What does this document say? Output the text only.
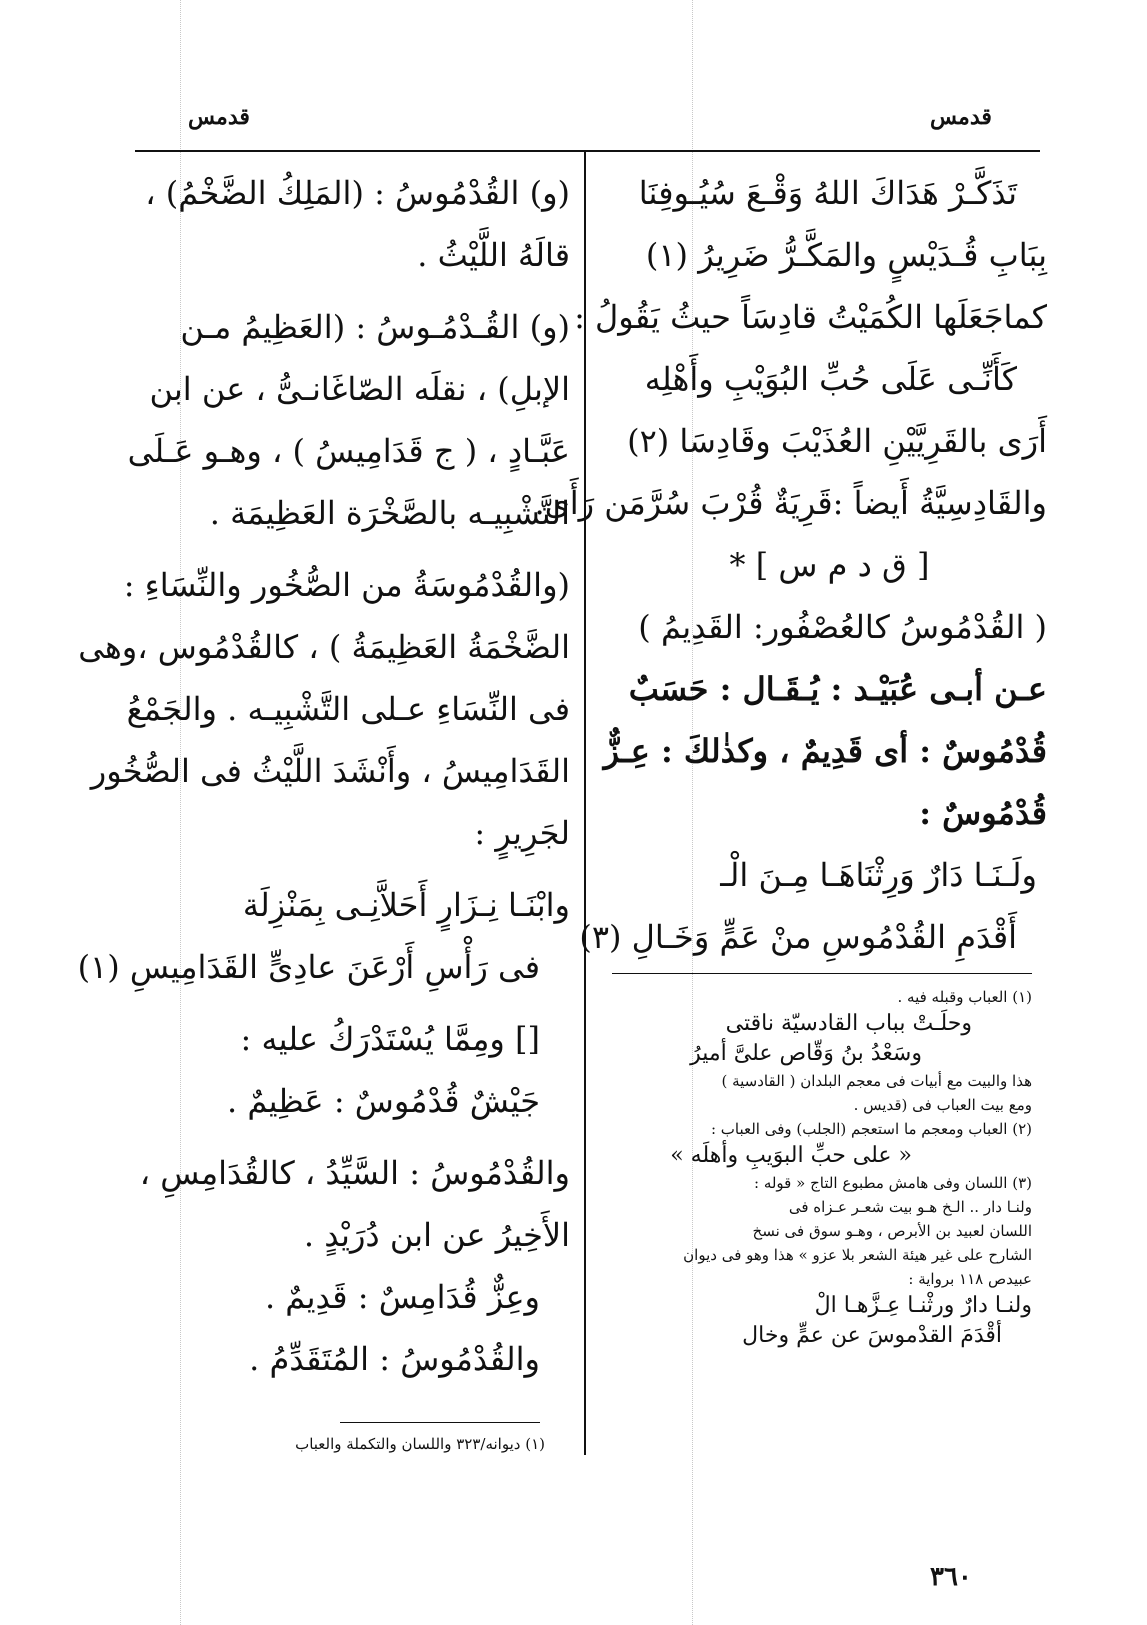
قدمس
قدمس

تَذَكَّـرْ هَدَاكَ اللهُ وَقْـعَ سُيُـوفِنَا

بِبَابِ قُـدَيْسٍ والمَكَّـرُّ ضَرِيرُ (١)

كماجَعَلَها الكُمَيْتُ قادِسَاً حيثُ يَقُولُ :

كَأَنِّـى عَلَى حُبِّ البُوَيْبِ وأَهْلِه

أَرَى بالقَرِيَّيْنِ العُذَيْبَ وقَادِسَا (٢)

والقَادِسِيَّةُ أَيضاً :قَرِيَةٌ قُرْبَ سُرَّمَن رَأَى.

[ ق د م س ] *

( القُدْمُوسُ كالعُصْفُور: القَدِيمُ )

عـن أبـى عُبَيْـد : يُـقَـال : حَسَبٌ

قُدْمُوسٌ : أى قَدِيمٌ ، وكذٰلكَ : عِـزٌّ

قُدْمُوسٌ :

ولَـنَـا دَارٌ وَرِثْنَاهَـا مِـنَ الْـ

أَقْدَمِ القُدْمُوسِ منْ عَمٍّ وَخَـالِ (٣)

(١) العباب وقبله فيه .

وحلَـتْ بباب القادسيّة ناقتى

وسَعْدُ بنُ وَقّاص علىَّ أميرُ

هذا والبيت مع أبيات فى معجم البلدان ( القادسية )

ومع بيت العباب فى (قديس .

(٢) العباب ومعجم ما استعجم (الجلب) وفى العباب :

« على حبِّ البوَيبِ وأهلَه »

(٣) اللسان وفى هامش مطبوع التاج « قوله :

ولنـا دار .. الـخ هـو بيت شعـر عـزاه فى

اللسان لعبيد بن الأبرص ، وهـو سوق فى نسخ

الشارح على غير هيئة الشعر بلا عزو » هذا وهو فى ديوان

عبيدص ١١٨ برواية :

ولنـا دارٌ ورثْنـا عِـزَّهـا الْ

أقْدَمَ القدْموسَ عن عمٍّ وخال

(و) القُدْمُوسُ : (المَلِكُ الضَّخْمُ) ،

قالَهُ اللَّيْثُ .

(و) القُـدْمُـوسُ : (العَظِيمُ مـن

الإبلِ) ، نقلَه الصّاغَانـىُّ ، عن ابن

عَبَّـادٍ ، ( ج قَدَامِيسُ ) ، وهـو عَـلَى

التَّشْبِيـه بالصَّخْرَة العَظِيمَة .

(والقُدْمُوسَةُ من الصُّخُور والنِّسَاءِ :

الضَّخْمَةُ العَظِيمَةُ ) ، كالقُدْمُوس ،وهى

فى النِّسَاءِ عـلى التَّشْبِيـه . والجَمْعُ

القَدَامِيسُ ، وأَنْشَدَ اللَّيْثُ فى الصُّخُور

لجَرِيرٍ :

وابْنَـا نِـزَارٍ أَحَلاَّنِـى بِمَنْزِلَة

فى رَأْسِ أَرْعَنَ عادِىٍّ القَدَامِيسِ (١)

[] ومِمَّا يُسْتَدْرَكُ عليه :

جَيْشٌ قُدْمُوسٌ : عَظِيمٌ .

والقُدْمُوسُ : السَّيِّدُ ، كالقُدَامِسِ ،

الأَخِيرُ عن ابن دُرَيْدٍ .

وعِزٌّ قُدَامِسٌ : قَدِيمٌ .

والقُدْمُوسُ : المُتَقَدِّمُ .

(١) ديوانه/٣٢٣ واللسان والتكملة والعباب
٣٦٠
